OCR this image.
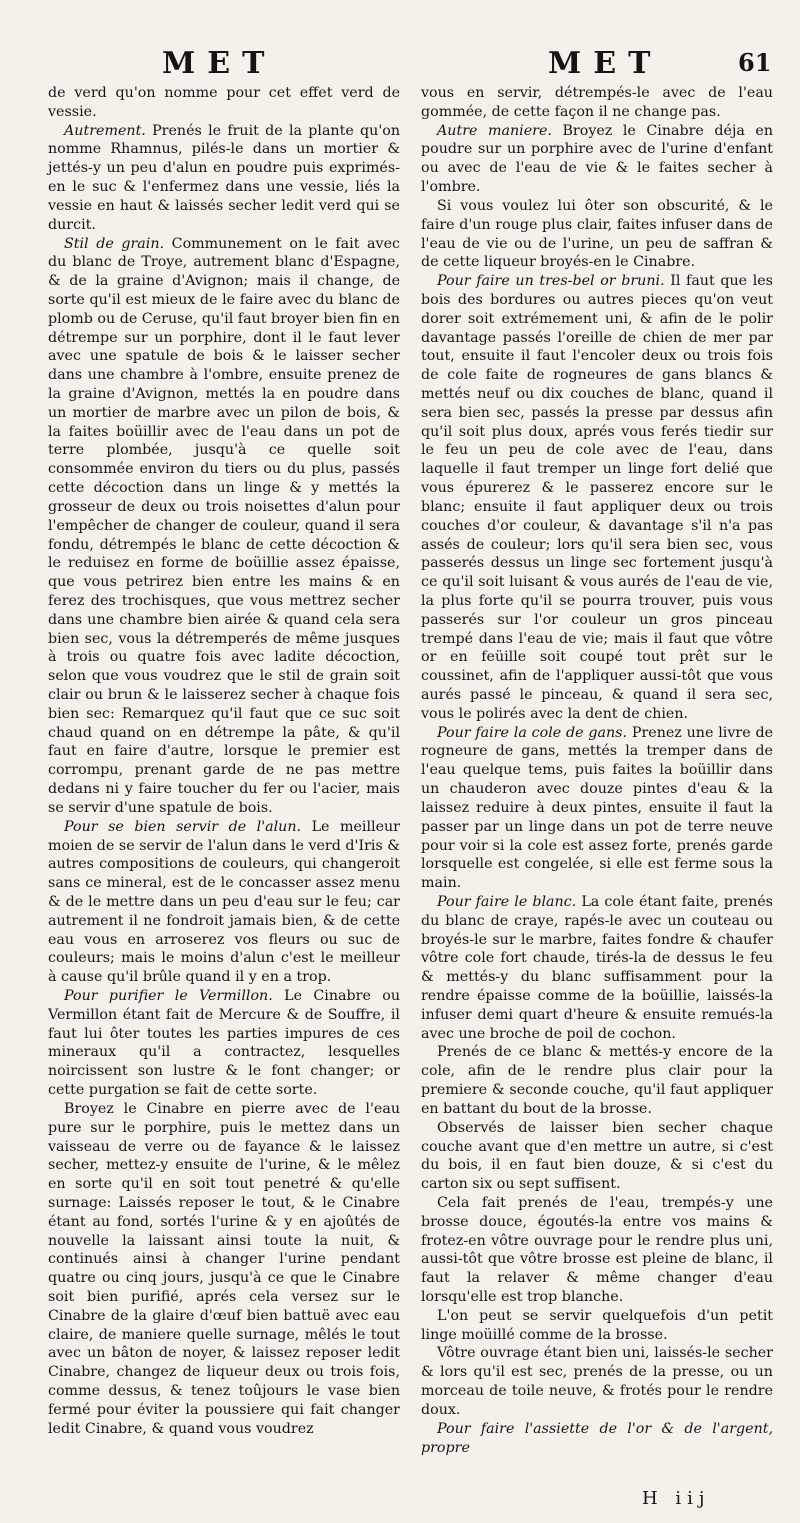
MET	MET	61

de verd qu'on nomme pour cet effet verd de vessie.

Autrement. Prenés le fruit de la plante qu'on nomme Rhamnus, pilés-le dans un mortier & jettés-y un peu d'alun en poudre puis exprimés-en le suc & l'enfermez dans une vessie, liés la vessie en haut & laissés secher ledit verd qui se durcit.

Stil de grain. Communement on le fait avec du blanc de Troye, autrement blanc d'Espagne, & de la graine d'Avignon; mais il change, de sorte qu'il est mieux de le faire avec du blanc de plomb ou de Ceruse, qu'il faut broyer bien fin en détrempe sur un porphire, dont il le faut lever avec une spatule de bois & le laisser secher dans une chambre à l'ombre, ensuite prenez de la graine d'Avignon, mettés la en poudre dans un mortier de marbre avec un pilon de bois, & la faites boüillir avec de l'eau dans un pot de terre plombée, jusqu'à ce quelle soit consommée environ du tiers ou du plus, passés cette décoction dans un linge & y mettés la grosseur de deux ou trois noisettes d'alun pour l'empêcher de changer de couleur, quand il sera fondu, détrempés le blanc de cette décoction & le reduisez en forme de boüillie assez épaisse, que vous petrirez bien entre les mains & en ferez des trochisques, que vous mettrez secher dans une chambre bien airée & quand cela sera bien sec, vous la détremperés de même jusques à trois ou quatre fois avec ladite décoction, selon que vous voudrez que le stil de grain soit clair ou brun & le laisserez secher à chaque fois bien sec: Remarquez qu'il faut que ce suc soit chaud quand on en détrempe la pâte, & qu'il faut en faire d'autre, lorsque le premier est corrompu, prenant garde de ne pas mettre dedans ni y faire toucher du fer ou l'acier, mais se servir d'une spatule de bois.

Pour se bien servir de l'alun. Le meilleur moien de se servir de l'alun dans le verd d'Iris & autres compositions de couleurs, qui changeroit sans ce mineral, est de le concasser assez menu & de le mettre dans un peu d'eau sur le feu; car autrement il ne fondroit jamais bien, & de cette eau vous en arroserez vos fleurs ou suc de couleurs; mais le moins d'alun c'est le meilleur à cause qu'il brûle quand il y en a trop.

Pour purifier le Vermillon. Le Cinabre ou Vermillon étant fait de Mercure & de Souffre, il faut lui ôter toutes les parties impures de ces mineraux qu'il a contractez, lesquelles noircissent son lustre & le font changer; or cette purgation se fait de cette sorte.

Broyez le Cinabre en pierre avec de l'eau pure sur le porphire, puis le mettez dans un vaisseau de verre ou de fayance & le laissez secher, mettez-y ensuite de l'urine, & le mêlez en sorte qu'il en soit tout penetré & qu'elle surnage: Laissés reposer le tout, & le Cinabre étant au fond, sortés l'urine & y en ajoûtés de nouvelle la laissant ainsi toute la nuit, & continués ainsi à changer l'urine pendant quatre ou cinq jours, jusqu'à ce que le Cinabre soit bien purifié, aprés cela versez sur le Cinabre de la glaire d'œuf bien battuë avec eau claire, de maniere quelle surnage, mêlés le tout avec un bâton de noyer, & laissez reposer ledit Cinabre, changez de liqueur deux ou trois fois, comme dessus, & tenez toûjours le vase bien fermé pour éviter la poussiere qui fait changer ledit Cinabre, & quand vous voudrez

vous en servir, détrempés-le avec de l'eau gommée, de cette façon il ne change pas.

Autre maniere. Broyez le Cinabre déja en poudre sur un porphire avec de l'urine d'enfant ou avec de l'eau de vie & le faites secher à l'ombre.

Si vous voulez lui ôter son obscurité, & le faire d'un rouge plus clair, faites infuser dans de l'eau de vie ou de l'urine, un peu de saffran & de cette liqueur broyés-en le Cinabre.

Pour faire un tres-bel or bruni. Il faut que les bois des bordures ou autres pieces qu'on veut dorer soit extrémement uni, & afin de le polir davantage passés l'oreille de chien de mer par tout, ensuite il faut l'encoler deux ou trois fois de cole faite de rogneures de gans blancs & mettés neuf ou dix couches de blanc, quand il sera bien sec, passés la presse par dessus afin qu'il soit plus doux, aprés vous ferés tiedir sur le feu un peu de cole avec de l'eau, dans laquelle il faut tremper un linge fort delié que vous épurerez & le passerez encore sur le blanc; ensuite il faut appliquer deux ou trois couches d'or couleur, & davantage s'il n'a pas assés de couleur; lors qu'il sera bien sec, vous passerés dessus un linge sec fortement jusqu'à ce qu'il soit luisant & vous aurés de l'eau de vie, la plus forte qu'il se pourra trouver, puis vous passerés sur l'or couleur un gros pinceau trempé dans l'eau de vie; mais il faut que vôtre or en feüille soit coupé tout prêt sur le coussinet, afin de l'appliquer aussi-tôt que vous aurés passé le pinceau, & quand il sera sec, vous le polirés avec la dent de chien.

Pour faire la cole de gans. Prenez une livre de rogneure de gans, mettés la tremper dans de l'eau quelque tems, puis faites la boüillir dans un chauderon avec douze pintes d'eau & la laissez reduire à deux pintes, ensuite il faut la passer par un linge dans un pot de terre neuve pour voir si la cole est assez forte, prenés garde lorsquelle est congelée, si elle est ferme sous la main.

Pour faire le blanc. La cole étant faite, prenés du blanc de craye, rapés-le avec un couteau ou broyés-le sur le marbre, faites fondre & chaufer vôtre cole fort chaude, tirés-la de dessus le feu & mettés-y du blanc suffisamment pour la rendre épaisse comme de la boüillie, laissés-la infuser demi quart d'heure & ensuite remués-la avec une broche de poil de cochon.

Prenés de ce blanc & mettés-y encore de la cole, afin de le rendre plus clair pour la premiere & seconde couche, qu'il faut appliquer en battant du bout de la brosse.

Observés de laisser bien secher chaque couche avant que d'en mettre un autre, si c'est du bois, il en faut bien douze, & si c'est du carton six ou sept suffisent.

Cela fait prenés de l'eau, trempés-y une brosse douce, égoutés-la entre vos mains & frotez-en vôtre ouvrage pour le rendre plus uni, aussi-tôt que vôtre brosse est pleine de blanc, il faut la relaver & même changer d'eau lorsqu'elle est trop blanche.

L'on peut se servir quelquefois d'un petit linge moüillé comme de la brosse.

Vôtre ouvrage étant bien uni, laissés-le secher & lors qu'il est sec, prenés de la presse, ou un morceau de toile neuve, & frotés pour le rendre doux.

Pour faire l'assiette de l'or & de l'argent, propre

H iij
